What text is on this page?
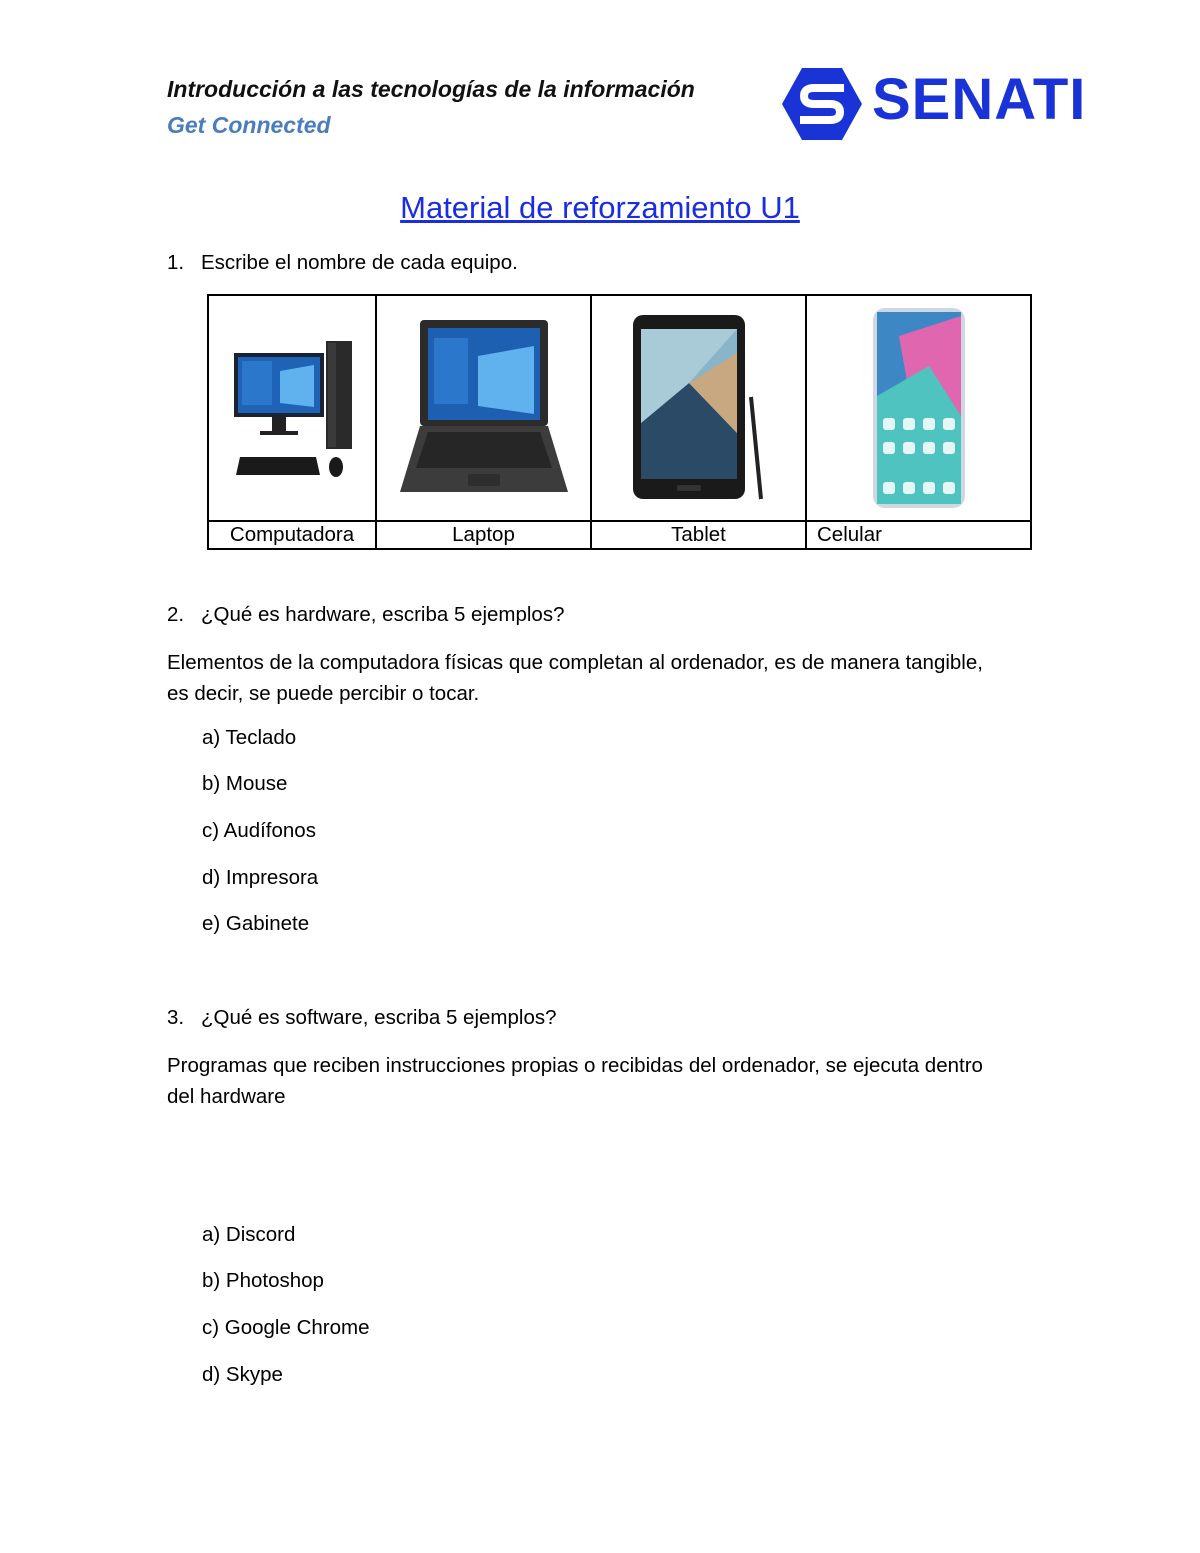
Introducción a las tecnologías de la información
Get Connected	SENATI
Material de reforzamiento U1
1. Escribe el nombre de cada equipo.

Computadora	Laptop	Tablet	Celular
2. ¿Qué es hardware, escriba 5 ejemplos?
Elementos de la computadora físicas que completan al ordenador, es de manera tangible,
es decir, se puede percibir o tocar.
a) Teclado
b) Mouse
c) Audífonos
d) Impresora
e) Gabinete
3. ¿Qué es software, escriba 5 ejemplos?
Programas que reciben instrucciones propias o recibidas del ordenador, se ejecuta dentro
del hardware
a) Discord
b) Photoshop
c) Google Chrome
d) Skype
